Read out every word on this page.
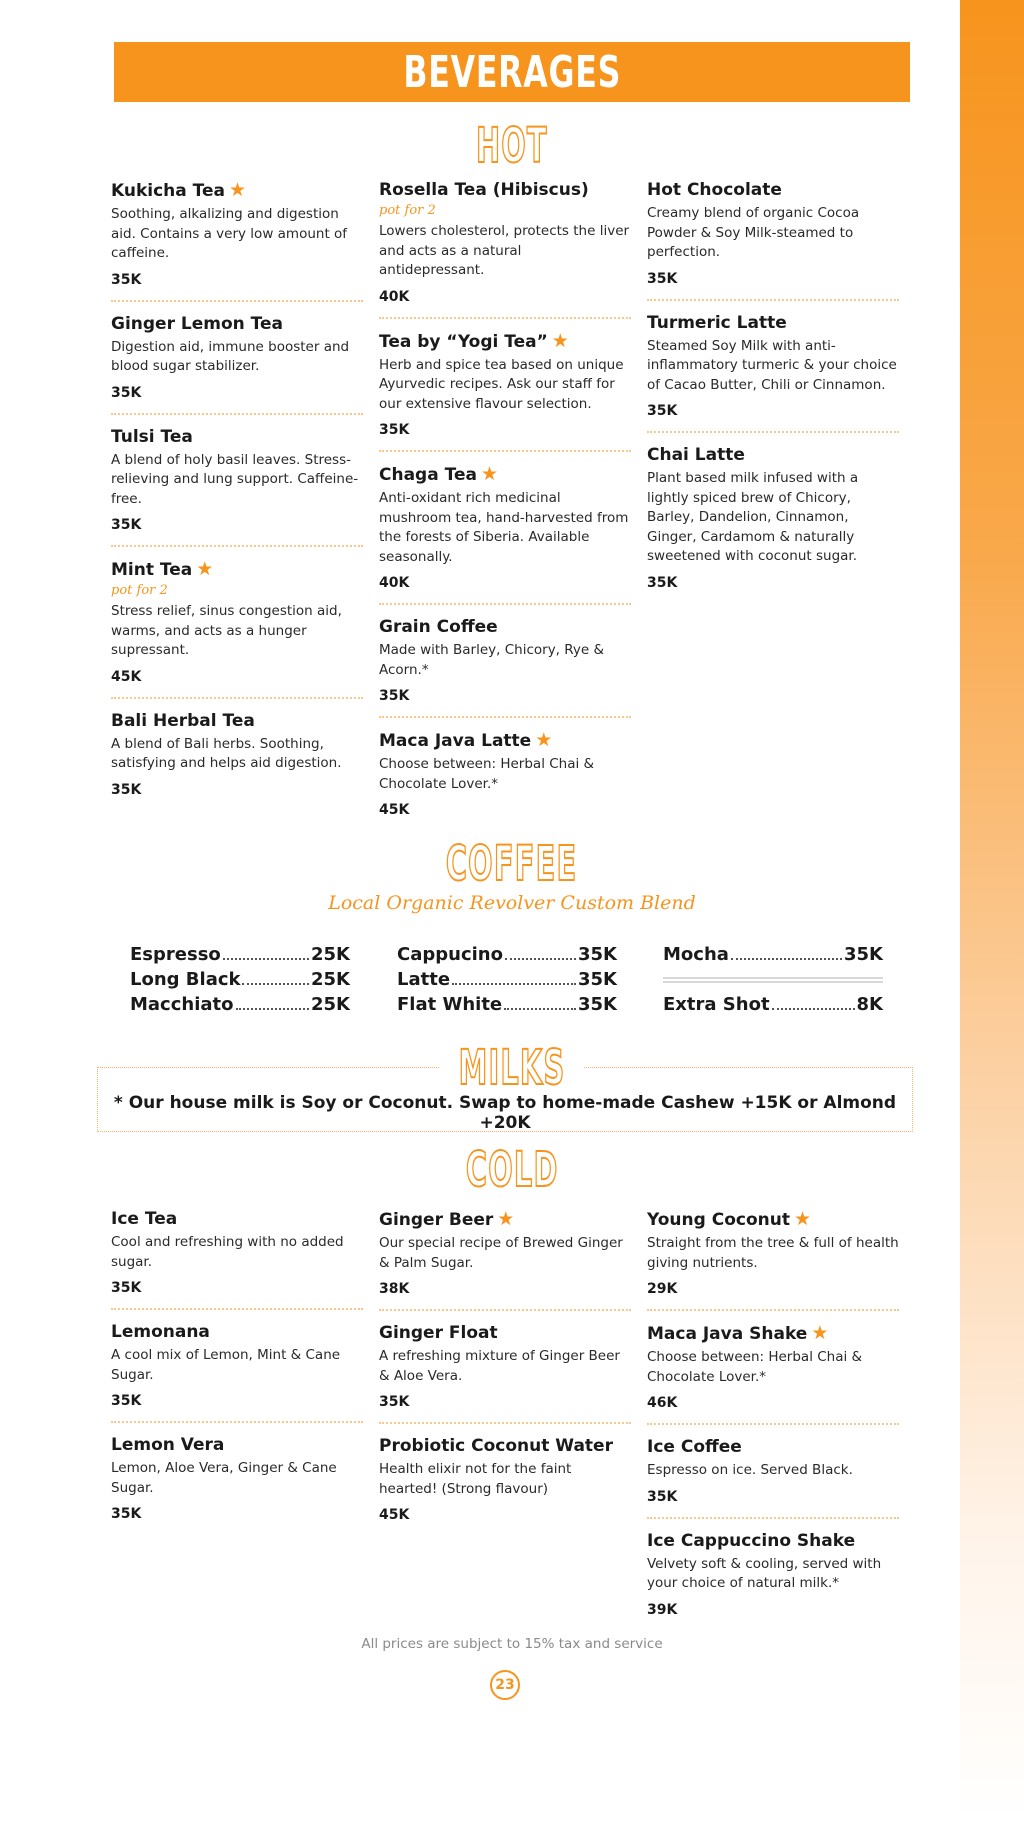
BEVERAGES
HOT
Kukicha Tea ★
Soothing, alkalizing and digestion aid. Contains a very low amount of caffeine.
35K
Ginger Lemon Tea
Digestion aid, immune booster and blood sugar stabilizer.
35K
Tulsi Tea
A blend of holy basil leaves. Stress-relieving and lung support. Caffeine-free.
35K
Mint Tea ★
pot for 2
Stress relief, sinus congestion aid, warms, and acts as a hunger supressant.
45K
Bali Herbal Tea
A blend of Bali herbs. Soothing, satisfying and helps aid digestion.
35K
Rosella Tea (Hibiscus)
pot for 2
Lowers cholesterol, protects the liver and acts as a natural antidepressant.
40K
Tea by “Yogi Tea” ★
Herb and spice tea based on unique Ayurvedic recipes. Ask our staff for our extensive flavour selection.
35K
Chaga Tea ★
Anti-oxidant rich medicinal mushroom tea, hand-harvested from the forests of Siberia. Available seasonally.
40K
Grain Coffee
Made with Barley, Chicory, Rye & Acorn.*
35K
Maca Java Latte ★
Choose between: Herbal Chai & Chocolate Lover.*
45K
Hot Chocolate
Creamy blend of organic Cocoa Powder & Soy Milk-steamed to perfection.
35K
Turmeric Latte
Steamed Soy Milk with anti-inflammatory turmeric & your choice of Cacao Butter, Chili or Cinnamon.
35K
Chai Latte
Plant based milk infused with a lightly spiced brew of Chicory, Barley, Dandelion, Cinnamon, Ginger, Cardamom & naturally sweetened with coconut sugar.
35K
COFFEE
Local Organic Revolver Custom Blend
Espresso	25K
Long Black	25K
Macchiato	25K
Cappucino	35K
Latte	35K
Flat White	35K
Mocha	35K
Extra Shot	8K
MILKS
* Our house milk is Soy or Coconut. Swap to home-made Cashew +15K or Almond +20K
COLD
Ice Tea
Cool and refreshing with no added sugar.
35K
Lemonana
A cool mix of Lemon, Mint & Cane Sugar.
35K
Lemon Vera
Lemon, Aloe Vera, Ginger & Cane Sugar.
35K
Ginger Beer ★
Our special recipe of Brewed Ginger & Palm Sugar.
38K
Ginger Float
A refreshing mixture of Ginger Beer & Aloe Vera.
35K
Probiotic Coconut Water
Health elixir not for the faint hearted! (Strong flavour)
45K
Young Coconut ★
Straight from the tree & full of health giving nutrients.
29K
Maca Java Shake ★
Choose between: Herbal Chai & Chocolate Lover.*
46K
Ice Coffee
Espresso on ice. Served Black.
35K
Ice Cappuccino Shake
Velvety soft & cooling, served with your choice of natural milk.*
39K
All prices are subject to 15% tax and service
23
